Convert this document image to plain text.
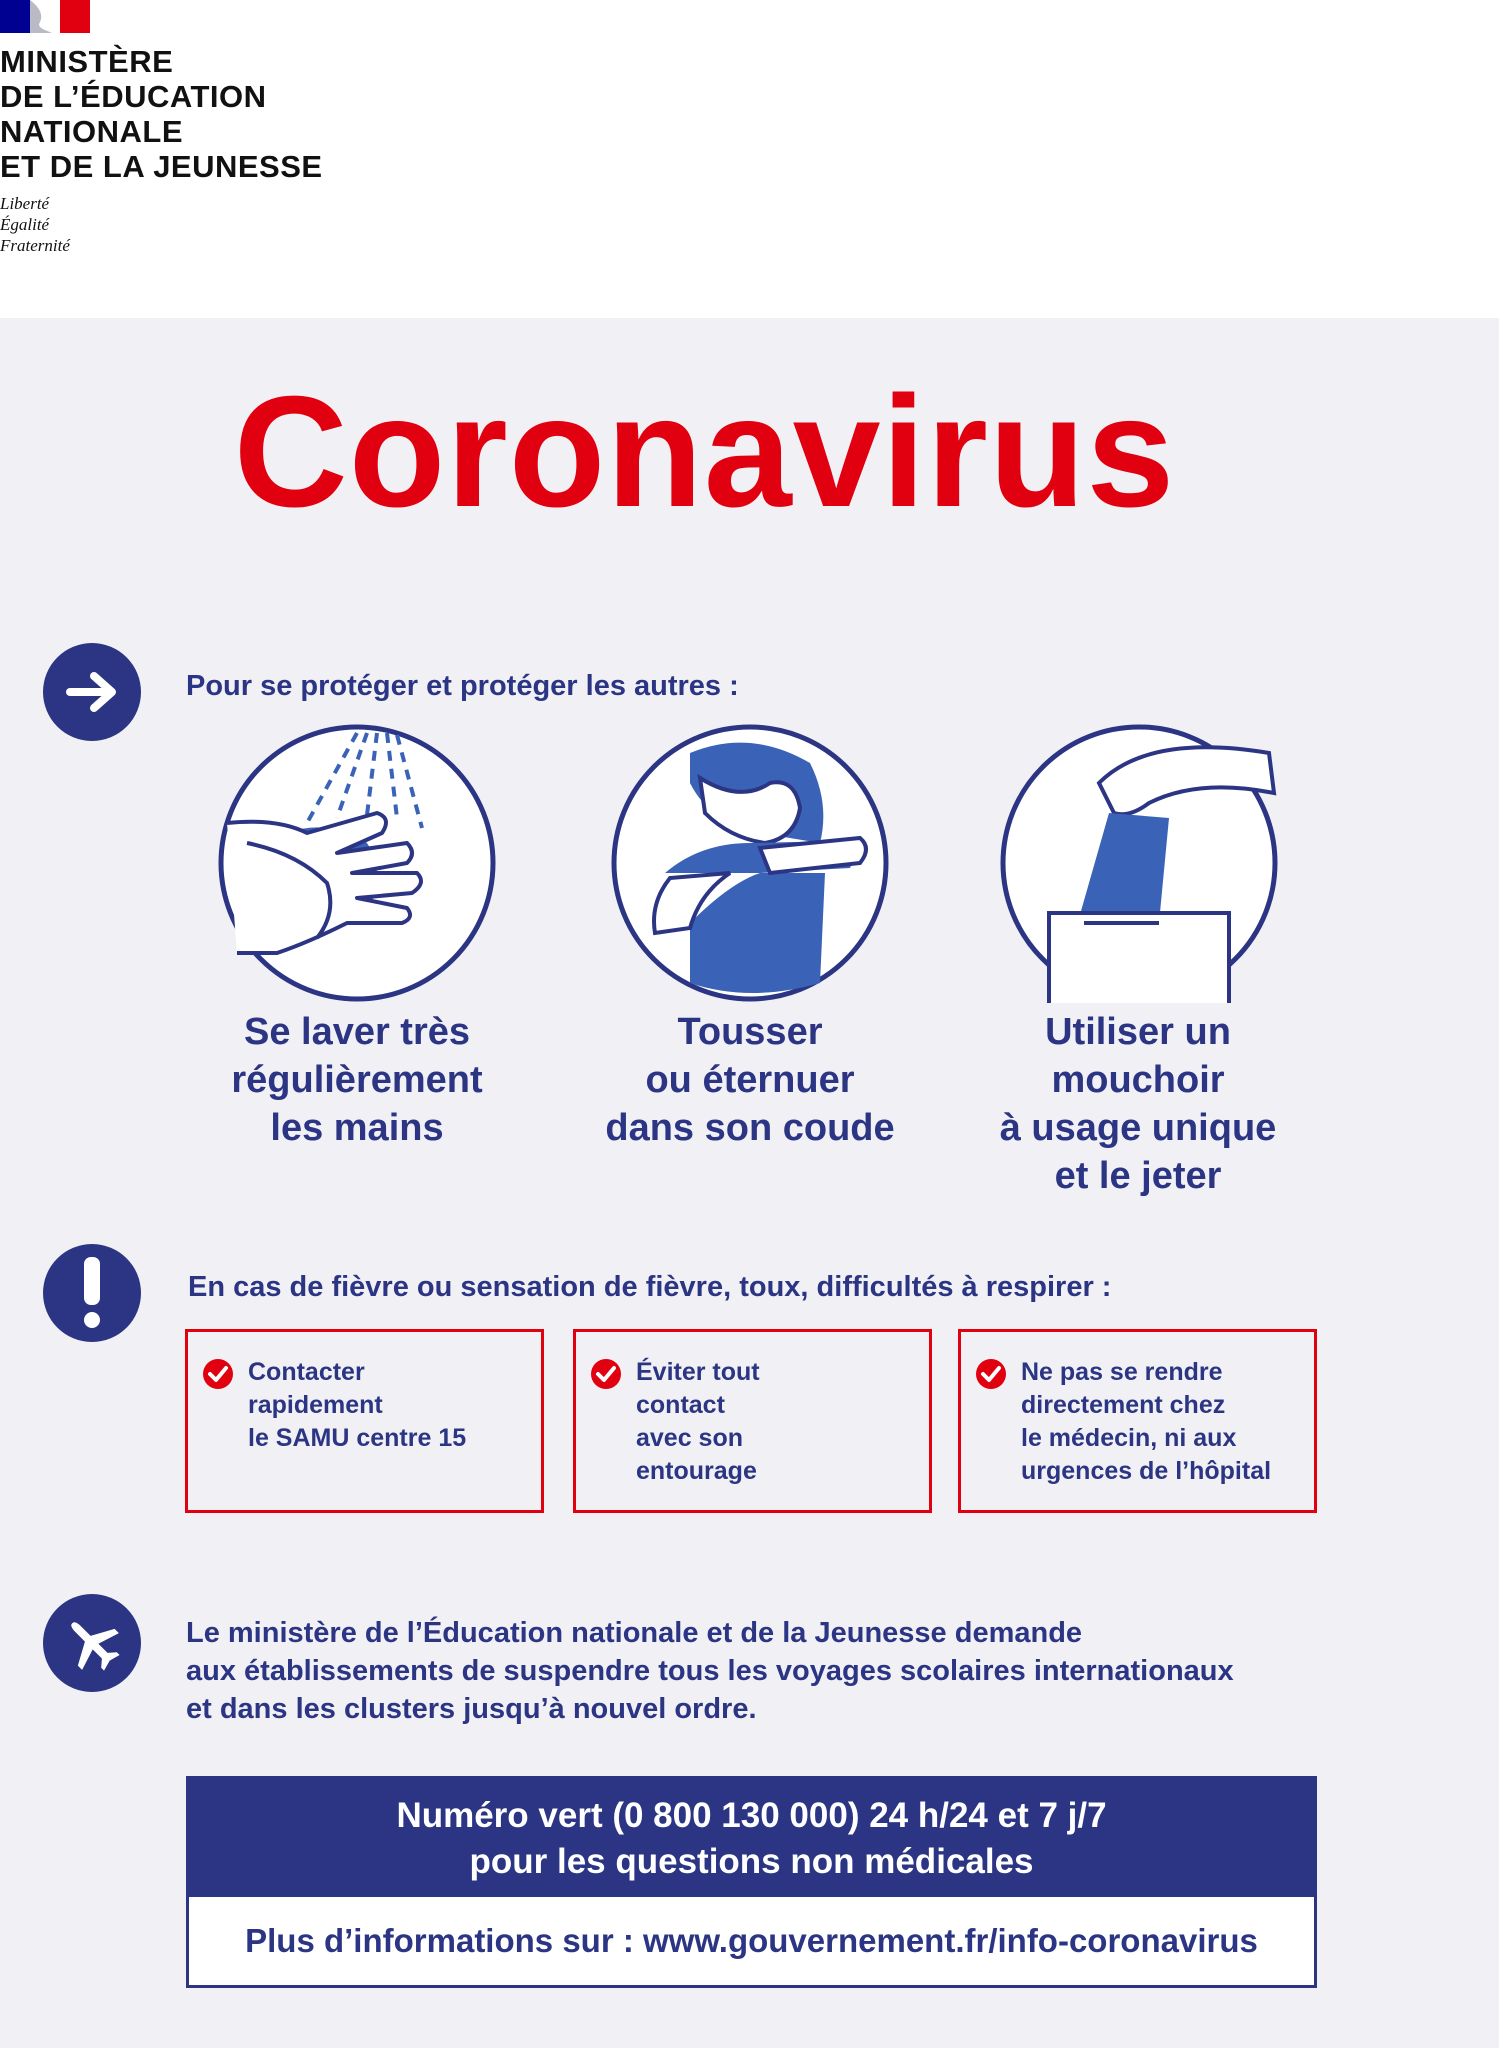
MINISTÈRE
DE L’ÉDUCATION
NATIONALE
ET DE LA JEUNESSE
Liberté
Égalité
Fraternité
Coronavirus
Pour se protéger et protéger les autres :
Se laver très
régulièrement
les mains
Tousser
ou éternuer
dans son coude
Utiliser un
mouchoir
à usage unique
et le jeter
En cas de fièvre ou sensation de fièvre, toux, difficultés à respirer :
Contacter
rapidement
le SAMU centre 15
Éviter tout
contact
avec son
entourage
Ne pas se rendre
directement chez
le médecin, ni aux
urgences de l’hôpital
Le ministère de l’Éducation nationale et de la Jeunesse demande
aux établissements de suspendre tous les voyages scolaires internationaux
et dans les clusters jusqu’à nouvel ordre.
Numéro vert (0 800 130 000) 24 h/24 et 7 j/7
pour les questions non médicales
Plus d’informations sur : www.gouvernement.fr/info-coronavirus
